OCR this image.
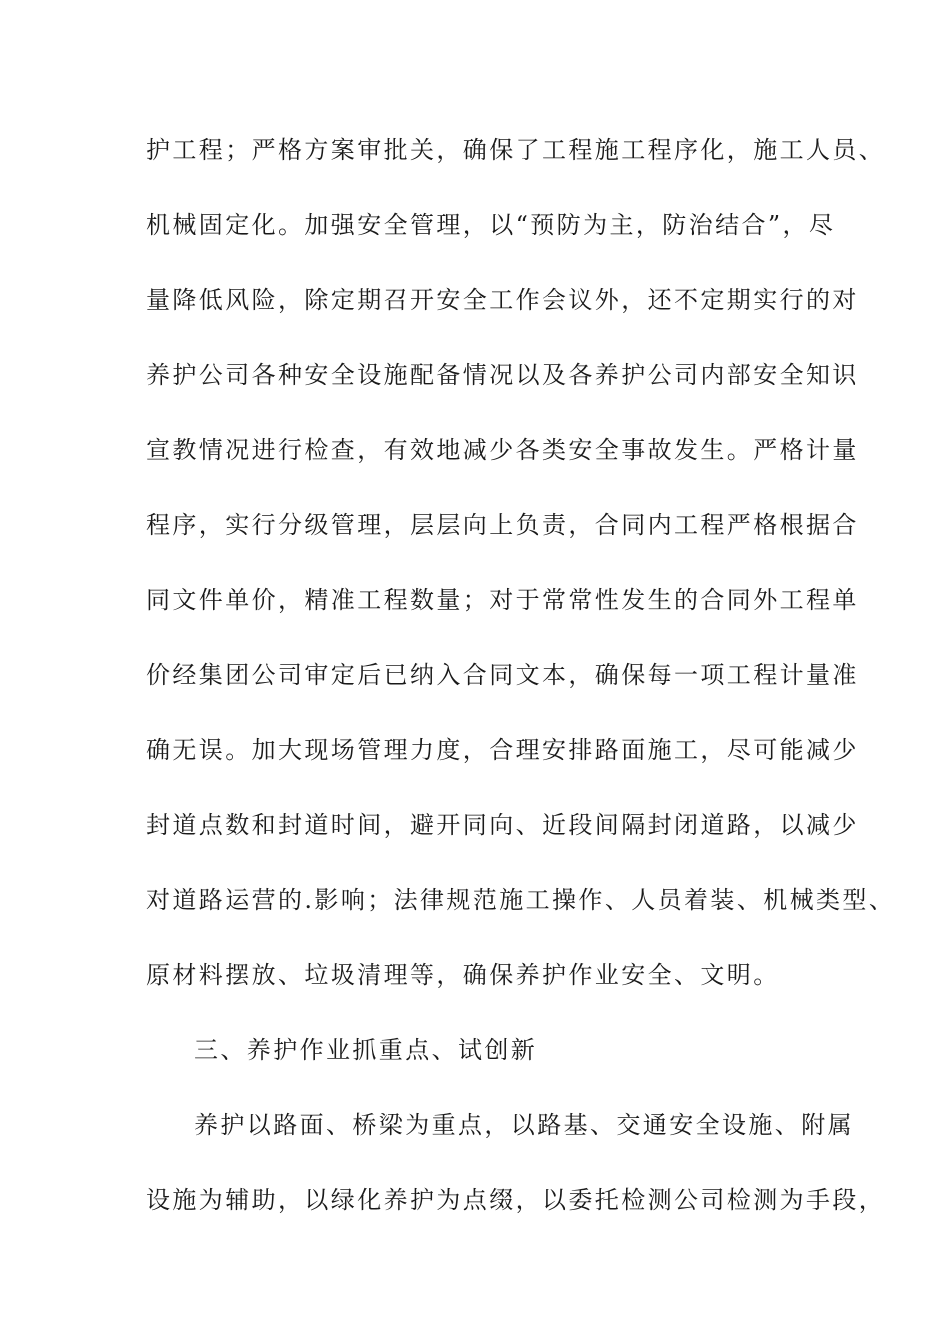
护工程；严格方案审批关，确保了工程施工程序化，施工人员、
机械固定化。加强安全管理，以“预防为主，防治结合”，尽
量降低风险，除定期召开安全工作会议外，还不定期实行的对
养护公司各种安全设施配备情况以及各养护公司内部安全知识
宣教情况进行检查，有效地减少各类安全事故发生。严格计量
程序，实行分级管理，层层向上负责，合同内工程严格根据合
同文件单价，精准工程数量；对于常常性发生的合同外工程单
价经集团公司审定后已纳入合同文本，确保每一项工程计量准
确无误。加大现场管理力度，合理安排路面施工，尽可能减少
封道点数和封道时间，避开同向、近段间隔封闭道路，以减少
对道路运营的.影响；法律规范施工操作、人员着装、机械类型、
原材料摆放、垃圾清理等，确保养护作业安全、文明。
三、养护作业抓重点、试创新
养护以路面、桥梁为重点，以路基、交通安全设施、附属
设施为辅助，以绿化养护为点缀，以委托检测公司检测为手段，
